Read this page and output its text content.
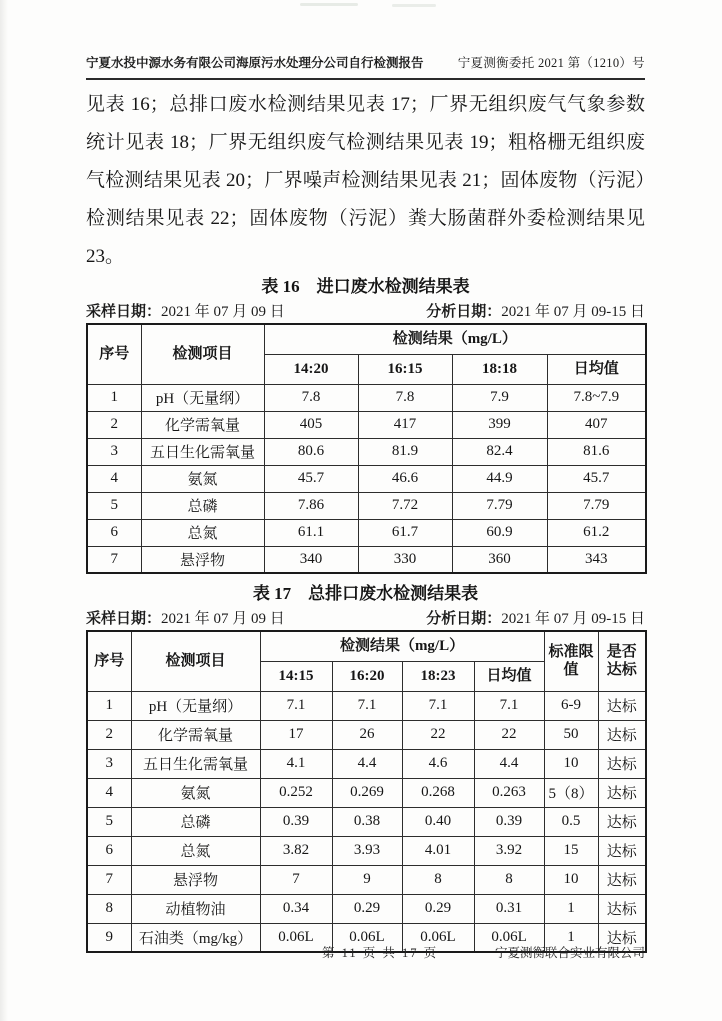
宁夏水投中源水务有限公司海原污水处理分公司自行检测报告	宁夏测衡委托 2021 第（1210）号

见表 16；总排口废水检测结果见表 17；厂界无组织废气气象参数统计见表 18；厂界无组织废气检测结果见表 19；粗格栅无组织废气检测结果见表 20；厂界噪声检测结果见表 21；固体废物（污泥）检测结果见表 22；固体废物（污泥）粪大肠菌群外委检测结果见 23。

表 16　进口废水检测结果表
采样日期：2021 年 07 月 09 日	分析日期：2021 年 07 月 09-15 日
序号	检测项目	检测结果（mg/L）			
		14:20	16:15	18:18	日均值
1	pH（无量纲）	7.8	7.8	7.9	7.8~7.9
2	化学需氧量	405	417	399	407
3	五日生化需氧量	80.6	81.9	82.4	81.6
4	氨氮	45.7	46.6	44.9	45.7
5	总磷	7.86	7.72	7.79	7.79
6	总氮	61.1	61.7	60.9	61.2
7	悬浮物	340	330	360	343
表 17　总排口废水检测结果表
采样日期：2021 年 07 月 09 日	分析日期：2021 年 07 月 09-15 日
序号	检测项目	检测结果（mg/L）				标准限值	是否达标
		14:15	16:20	18:23	日均值		
1	pH（无量纲）	7.1	7.1	7.1	7.1	6-9	达标
2	化学需氧量	17	26	22	22	50	达标
3	五日生化需氧量	4.1	4.4	4.6	4.4	10	达标
4	氨氮	0.252	0.269	0.268	0.263	5（8）	达标
5	总磷	0.39	0.38	0.40	0.39	0.5	达标
6	总氮	3.82	3.93	4.01	3.92	15	达标
7	悬浮物	7	9	8	8	10	达标
8	动植物油	0.34	0.29	0.29	0.31	1	达标
9	石油类（mg/kg）	0.06L	0.06L	0.06L	0.06L	1	达标
第 11 页 共 17 页	宁夏测衡联合实业有限公司
